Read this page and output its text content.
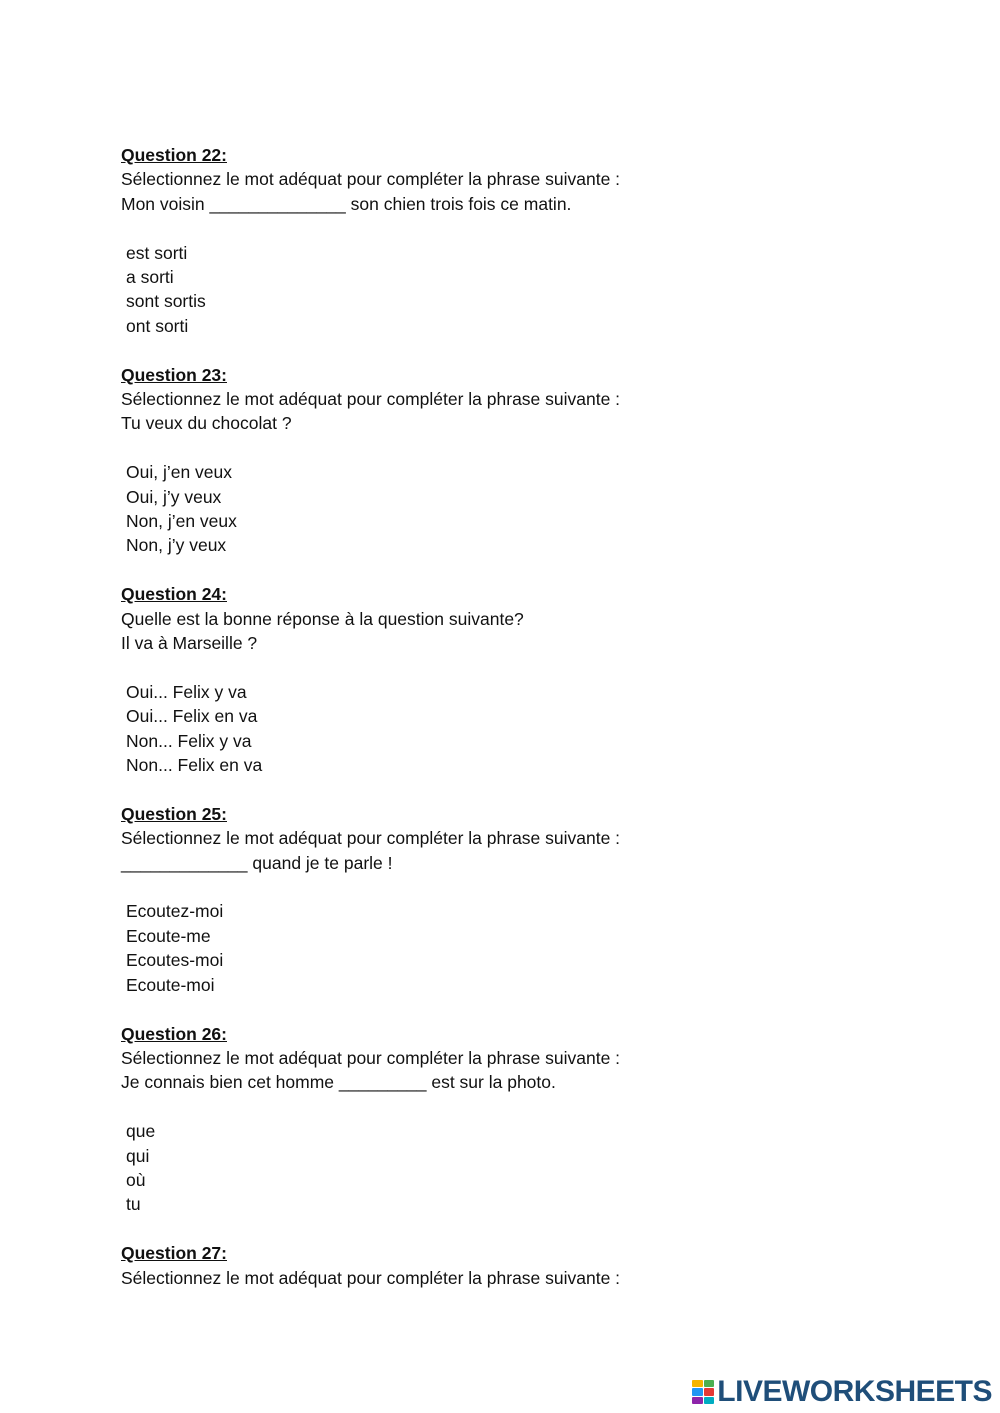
Question 22:
Sélectionnez le mot adéquat pour compléter la phrase suivante :
Mon voisin ______________ son chien trois fois ce matin.
est sorti
a sorti
sont sortis
ont sorti
Question 23:
Sélectionnez le mot adéquat pour compléter la phrase suivante :
Tu veux du chocolat ?
Oui, j’en veux
Oui, j’y veux
Non, j’en veux
Non, j’y veux
Question 24:
Quelle est la bonne réponse à la question suivante?
Il va à Marseille ?
Oui... Felix y va
Oui... Felix en va
Non... Felix y va
Non... Felix en va
Question 25:
Sélectionnez le mot adéquat pour compléter la phrase suivante :
_____________ quand je te parle !
Ecoutez-moi
Ecoute-me
Ecoutes-moi
Ecoute-moi
Question 26:
Sélectionnez le mot adéquat pour compléter la phrase suivante :
Je connais bien cet homme _________ est sur la photo.
que
qui
où
tu
Question 27:
Sélectionnez le mot adéquat pour compléter la phrase suivante :
LIVEWORKSHEETS
